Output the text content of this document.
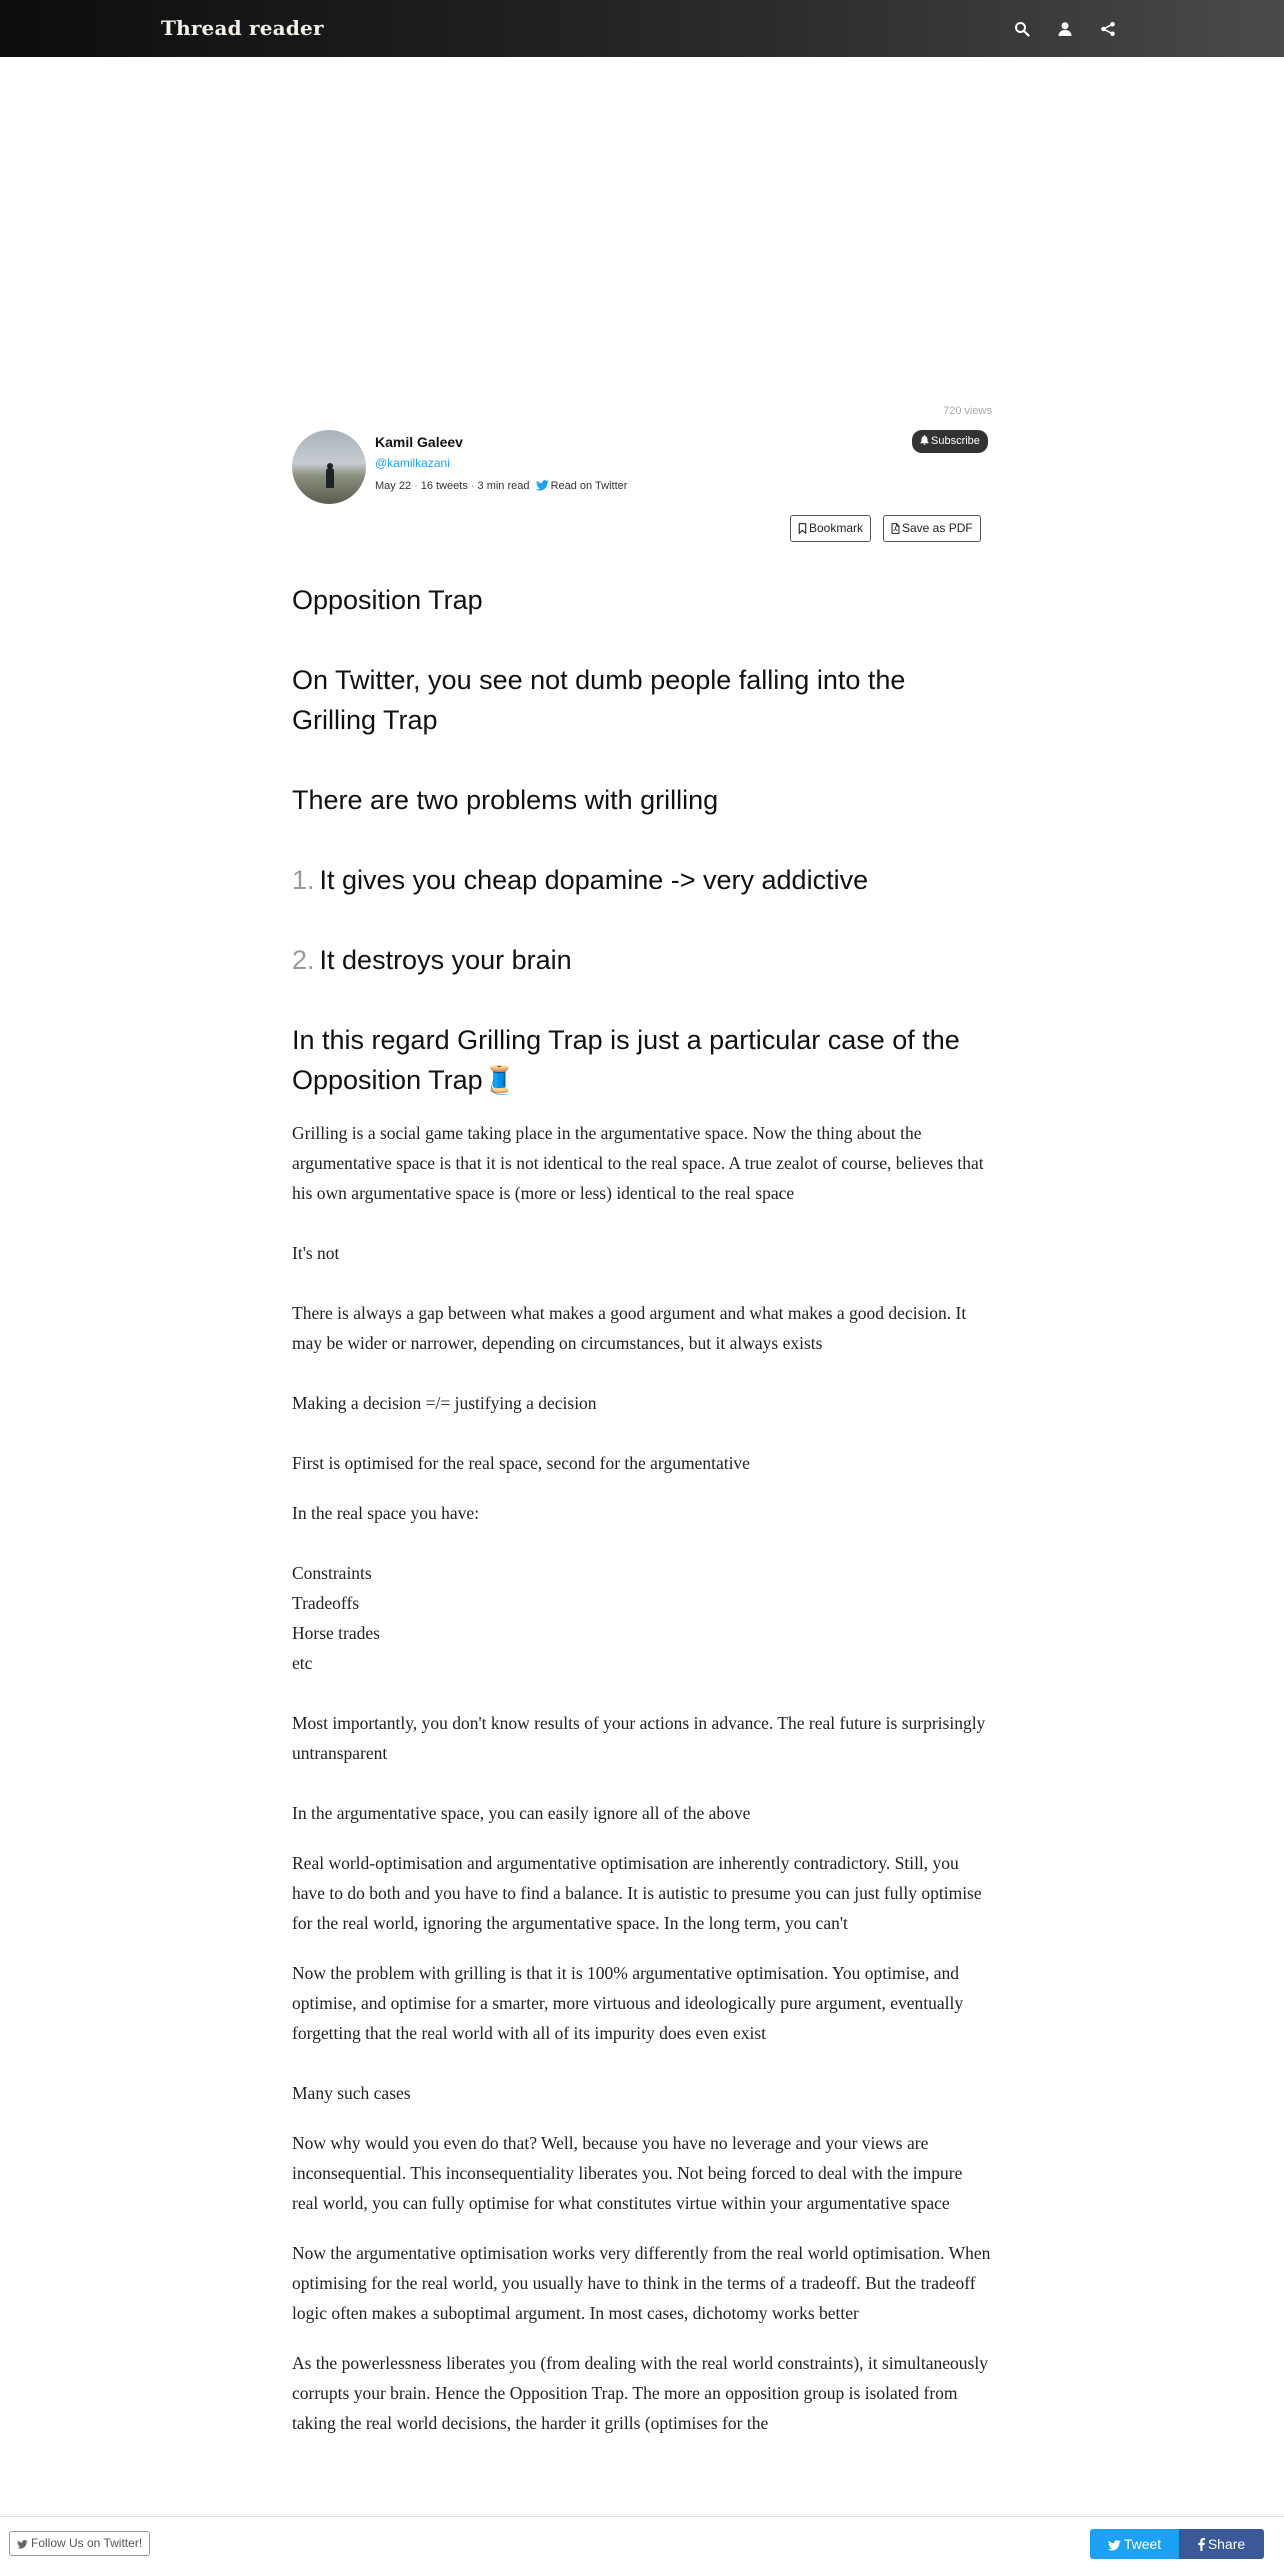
Thread reader
720 views
Kamil Galeev
@kamilkazani
May 22 · 16 tweets · 3 min read Read on Twitter
Subscribe
Bookmark	Save as PDF
Opposition Trap
On Twitter, you see not dumb people falling into the Grilling Trap
There are two problems with grilling
1. It gives you cheap dopamine -> very addictive
2. It destroys your brain
In this regard Grilling Trap is just a particular case of the Opposition Trap🧵
Grilling is a social game taking place in the argumentative space. Now the thing about the argumentative space is that it is not identical to the real space. A true zealot of course, believes that his own argumentative space is (more or less) identical to the real space
It's not
There is always a gap between what makes a good argument and what makes a good decision. It may be wider or narrower, depending on circumstances, but it always exists
Making a decision =/= justifying a decision
First is optimised for the real space, second for the argumentative
In the real space you have:
Constraints
Tradeoffs
Horse trades
etc
Most importantly, you don't know results of your actions in advance. The real future is surprisingly untransparent
In the argumentative space, you can easily ignore all of the above
Real world-optimisation and argumentative optimisation are inherently contradictory. Still, you have to do both and you have to find a balance. It is autistic to presume you can just fully optimise for the real world, ignoring the argumentative space. In the long term, you can't
Now the problem with grilling is that it is 100% argumentative optimisation. You optimise, and optimise, and optimise for a smarter, more virtuous and ideologically pure argument, eventually forgetting that the real world with all of its impurity does even exist
Many such cases
Now why would you even do that? Well, because you have no leverage and your views are inconsequential. This inconsequentiality liberates you. Not being forced to deal with the impure real world, you can fully optimise for what constitutes virtue within your argumentative space
Now the argumentative optimisation works very differently from the real world optimisation. When optimising for the real world, you usually have to think in the terms of a tradeoff. But the tradeoff logic often makes a suboptimal argument. In most cases, dichotomy works better
As the powerlessness liberates you (from dealing with the real world constraints), it simultaneously corrupts your brain. Hence the Opposition Trap. The more an opposition group is isolated from taking the real world decisions, the harder it grills (optimises for the
Follow Us on Twitter!	Tweet	Share
